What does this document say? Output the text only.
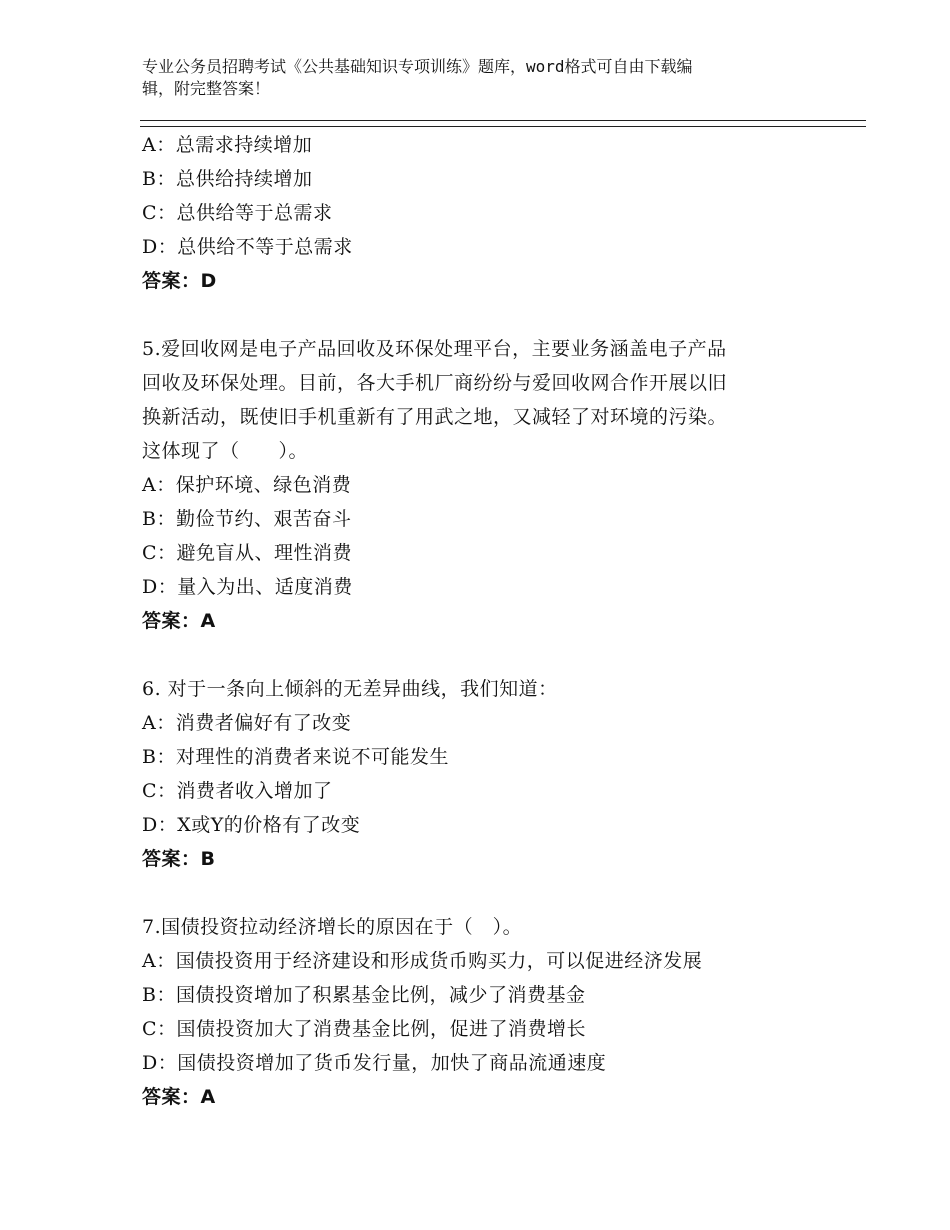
专业公务员招聘考试《公共基础知识专项训练》题库，word格式可自由下载编
辑，附完整答案！
A：总需求持续增加
B：总供给持续增加
C：总供给等于总需求
D：总供给不等于总需求
答案：D
5.爱回收网是电子产品回收及环保处理平台，主要业务涵盖电子产品
回收及环保处理。目前，各大手机厂商纷纷与爱回收网合作开展以旧
换新活动，既使旧手机重新有了用武之地，又减轻了对环境的污染。
这体现了（　　）。
A：保护环境、绿色消费
B：勤俭节约、艰苦奋斗
C：避免盲从、理性消费
D：量入为出、适度消费
答案：A
6. 对于一条向上倾斜的无差异曲线，我们知道：
A：消费者偏好有了改变
B：对理性的消费者来说不可能发生
C：消费者收入增加了
D：X或Y的价格有了改变
答案：B
7.国债投资拉动经济增长的原因在于（　）。
A：国债投资用于经济建设和形成货币购买力，可以促进经济发展
B：国债投资增加了积累基金比例，减少了消费基金
C：国债投资加大了消费基金比例，促进了消费增长
D：国债投资增加了货币发行量，加快了商品流通速度
答案：A
